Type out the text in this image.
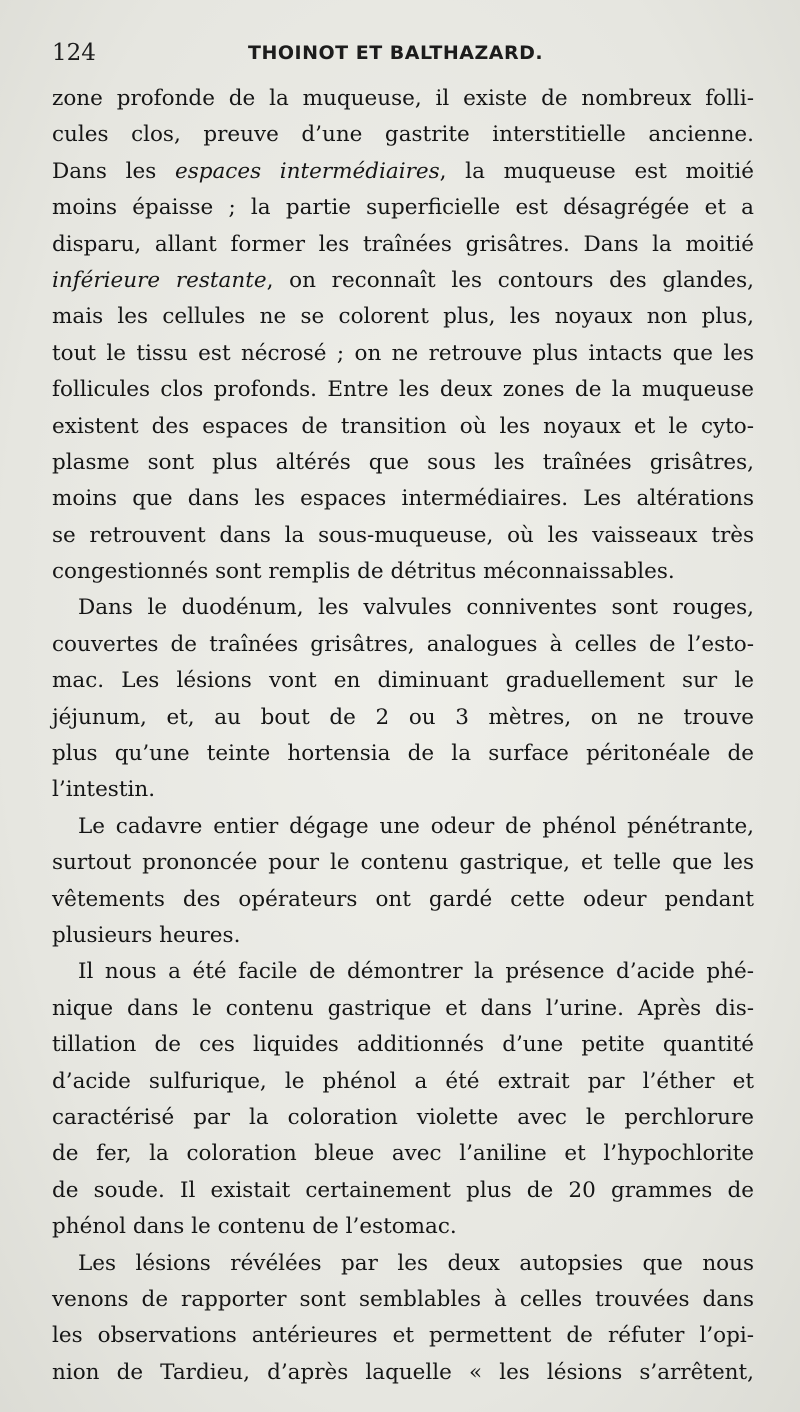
124	THOINOT ET BALTHAZARD.
zone profonde de la muqueuse, il existe de nombreux folli-
cules clos, preuve d’une gastrite interstitielle ancienne.
Dans les espaces intermédiaires, la muqueuse est moitié
moins épaisse ; la partie superficielle est désagrégée et a
disparu, allant former les traînées grisâtres. Dans la moitié
inférieure restante, on reconnaît les contours des glandes,
mais les cellules ne se colorent plus, les noyaux non plus,
tout le tissu est nécrosé ; on ne retrouve plus intacts que les
follicules clos profonds. Entre les deux zones de la muqueuse
existent des espaces de transition où les noyaux et le cyto-
plasme sont plus altérés que sous les traînées grisâtres,
moins que dans les espaces intermédiaires. Les altérations
se retrouvent dans la sous-muqueuse, où les vaisseaux très
congestionnés sont remplis de détritus méconnaissables.
Dans le duodénum, les valvules conniventes sont rouges,
couvertes de traînées grisâtres, analogues à celles de l’esto-
mac. Les lésions vont en diminuant graduellement sur le
jéjunum, et, au bout de 2 ou 3 mètres, on ne trouve
plus qu’une teinte hortensia de la surface péritonéale de
l’intestin.
Le cadavre entier dégage une odeur de phénol pénétrante,
surtout prononcée pour le contenu gastrique, et telle que les
vêtements des opérateurs ont gardé cette odeur pendant
plusieurs heures.
Il nous a été facile de démontrer la présence d’acide phé-
nique dans le contenu gastrique et dans l’urine. Après dis-
tillation de ces liquides additionnés d’une petite quantité
d’acide sulfurique, le phénol a été extrait par l’éther et
caractérisé par la coloration violette avec le perchlorure
de fer, la coloration bleue avec l’aniline et l’hypochlorite
de soude. Il existait certainement plus de 20 grammes de
phénol dans le contenu de l’estomac.
Les lésions révélées par les deux autopsies que nous
venons de rapporter sont semblables à celles trouvées dans
les observations antérieures et permettent de réfuter l’opi-
nion de Tardieu, d’après laquelle « les lésions s’arrêtent,
